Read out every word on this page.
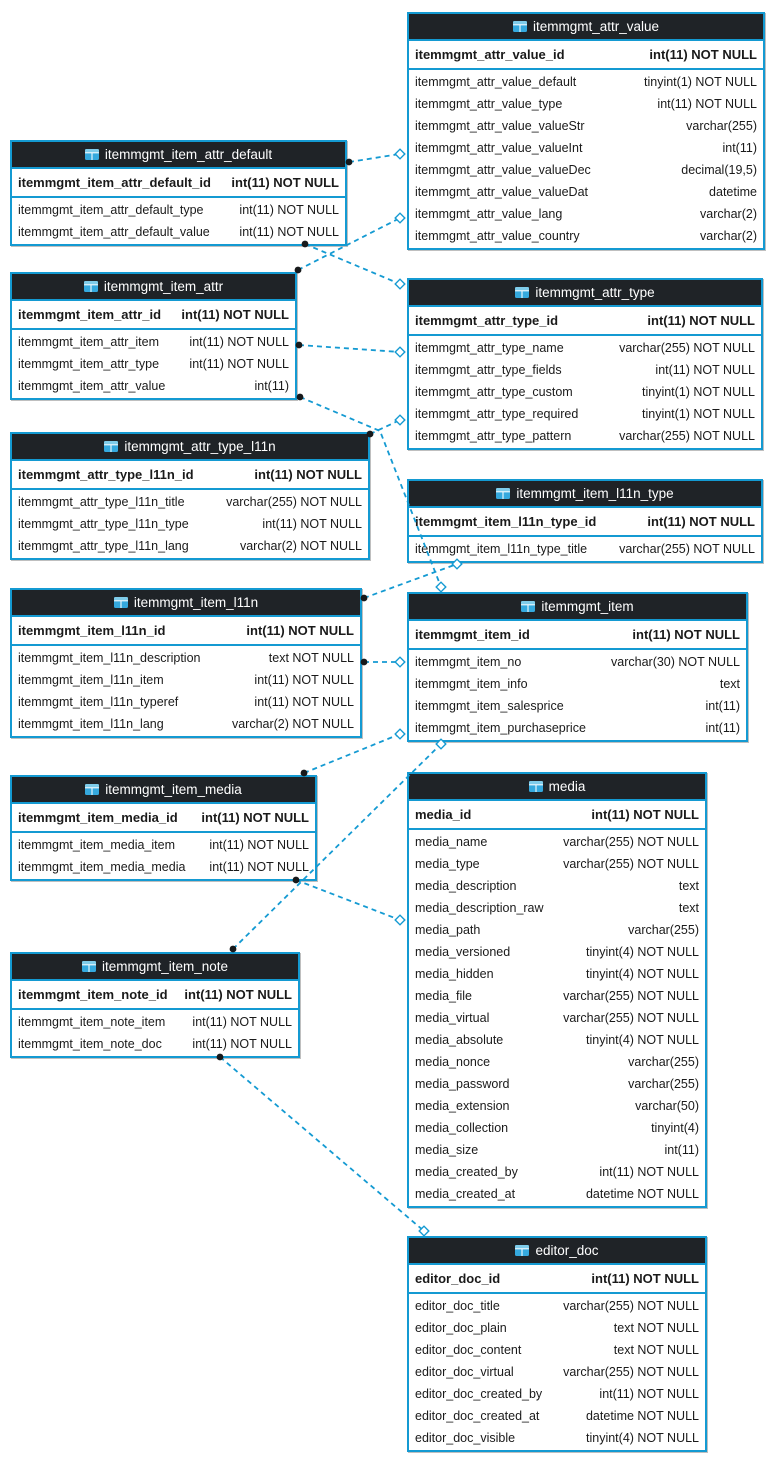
itemmgmt_attr_value
itemmgmt_attr_value_id	int(11) NOT NULL
itemmgmt_attr_value_default	tinyint(1) NOT NULL
itemmgmt_attr_value_type	int(11) NOT NULL
itemmgmt_attr_value_valueStr	varchar(255)
itemmgmt_attr_value_valueInt	int(11)
itemmgmt_attr_value_valueDec	decimal(19,5)
itemmgmt_attr_value_valueDat	datetime
itemmgmt_attr_value_lang	varchar(2)
itemmgmt_attr_value_country	varchar(2)
itemmgmt_item_attr_default
itemmgmt_item_attr_default_id int(11) NOT NULL
itemmgmt_item_attr_default_type	int(11) NOT NULL
itemmgmt_item_attr_default_value int(11) NOT NULL
itemmgmt_item_attr
itemmgmt_item_attr_id int(11) NOT NULL
itemmgmt_item_attr_item int(11) NOT NULL
itemmgmt_item_attr_type int(11) NOT NULL
itemmgmt_item_attr_value	int(11)
itemmgmt_attr_type
itemmgmt_attr_type_id	int(11) NOT NULL
itemmgmt_attr_type_name	varchar(255) NOT NULL
itemmgmt_attr_type_fields	int(11) NOT NULL
itemmgmt_attr_type_custom	tinyint(1) NOT NULL
itemmgmt_attr_type_required	tinyint(1) NOT NULL
itemmgmt_attr_type_pattern	varchar(255) NOT NULL
itemmgmt_attr_type_l11n
itemmgmt_attr_type_l11n_id	int(11) NOT NULL
itemmgmt_attr_type_l11n_title	varchar(255) NOT NULL
itemmgmt_attr_type_l11n_type	int(11) NOT NULL
itemmgmt_attr_type_l11n_lang	varchar(2) NOT NULL
itemmgmt_item_l11n_type
itemmgmt_item_l11n_type_id	int(11) NOT NULL
itemmgmt_item_l11n_type_title	varchar(255) NOT NULL
itemmgmt_item_l11n
itemmgmt_item_l11n_id	int(11) NOT NULL
itemmgmt_item_l11n_description	text NOT NULL
itemmgmt_item_l11n_item	int(11) NOT NULL
itemmgmt_item_l11n_typeref	int(11) NOT NULL
itemmgmt_item_l11n_lang	varchar(2) NOT NULL
itemmgmt_item
itemmgmt_item_id	int(11) NOT NULL
itemmgmt_item_no	varchar(30) NOT NULL
itemmgmt_item_info	text
itemmgmt_item_salesprice	int(11)
itemmgmt_item_purchaseprice	int(11)
itemmgmt_item_media
itemmgmt_item_media_id int(11) NOT NULL
itemmgmt_item_media_item	int(11) NOT NULL
itemmgmt_item_media_media int(11) NOT NULL
media
media_id	int(11) NOT NULL
media_name	varchar(255) NOT NULL
media_type	varchar(255) NOT NULL
media_description	text
media_description_raw	text
media_path	varchar(255)
media_versioned	tinyint(4) NOT NULL
media_hidden	tinyint(4) NOT NULL
media_file	varchar(255) NOT NULL
media_virtual	varchar(255) NOT NULL
media_absolute	tinyint(4) NOT NULL
media_nonce	varchar(255)
media_password	varchar(255)
media_extension	varchar(50)
media_collection	tinyint(4)
media_size	int(11)
media_created_by	int(11) NOT NULL
media_created_at	datetime NOT NULL
itemmgmt_item_note
itemmgmt_item_note_id int(11) NOT NULL
itemmgmt_item_note_item int(11) NOT NULL
itemmgmt_item_note_doc int(11) NOT NULL
editor_doc
editor_doc_id	int(11) NOT NULL
editor_doc_title	varchar(255) NOT NULL
editor_doc_plain	text NOT NULL
editor_doc_content	text NOT NULL
editor_doc_virtual	varchar(255) NOT NULL
editor_doc_created_by	int(11) NOT NULL
editor_doc_created_at	datetime NOT NULL
editor_doc_visible	tinyint(4) NOT NULL
